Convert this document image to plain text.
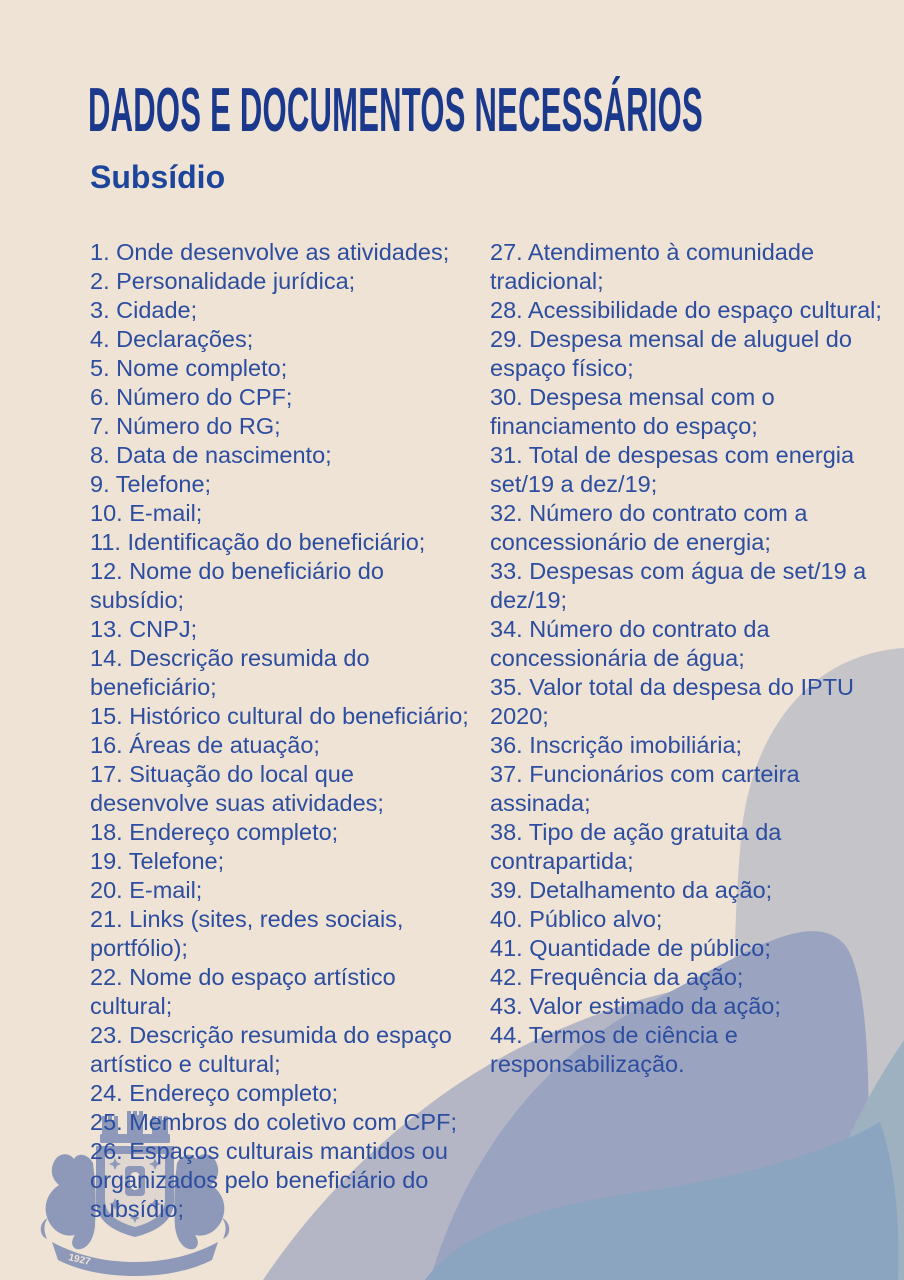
1927
DADOS E DOCUMENTOS NECESSÁRIOS
Subsídio

1. Onde desenvolve as atividades;

2. Personalidade jurídica;

3. Cidade;

4. Declarações;

5. Nome completo;

6. Número do CPF;

7. Número do RG;

8. Data de nascimento;

9. Telefone;

10. E-mail;

11. Identificação do beneficiário;

12. Nome do beneficiário do subsídio;

13. CNPJ;

14. Descrição resumida do beneficiário;

15. Histórico cultural do beneficiário;

16. Áreas de atuação;

17. Situação do local que desenvolve suas atividades;

18. Endereço completo;

19. Telefone;

20. E-mail;

21. Links (sites, redes sociais, portfólio);

22. Nome do espaço artístico cultural;

23. Descrição resumida do espaço artístico e cultural;

24. Endereço completo;

25. Membros do coletivo com CPF;

26. Espaços culturais mantidos ou organizados pelo beneficiário do subsídio;

27. Atendimento à comunidade tradicional;

28. Acessibilidade do espaço cultural;

29. Despesa mensal de aluguel do espaço físico;

30. Despesa mensal com o financiamento do espaço;

31. Total de despesas com energia set/19 a dez/19;

32. Número do contrato com a concessionário de energia;

33. Despesas com água de set/19 a dez/19;

34. Número do contrato da concessionária de água;

35. Valor total da despesa do IPTU 2020;

36. Inscrição imobiliária;

37. Funcionários com carteira assinada;

38. Tipo de ação gratuita da contrapartida;

39. Detalhamento da ação;

40. Público alvo;

41. Quantidade de público;

42. Frequência da ação;

43. Valor estimado da ação;

44. Termos de ciência e responsabilização.
